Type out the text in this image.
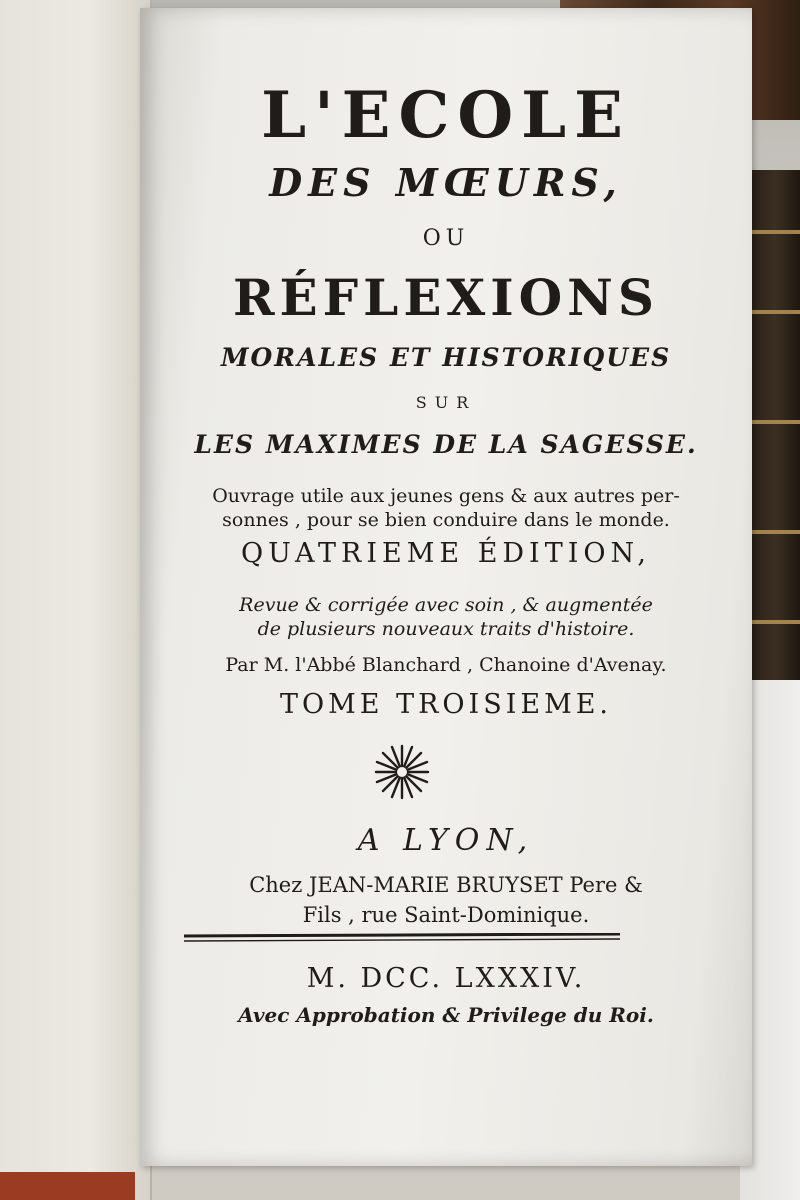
L'ECOLE
DES MŒURS,
OU
RÉFLEXIONS
MORALES ET HISTORIQUES
SUR
LES MAXIMES DE LA SAGESSE.
Ouvrage utile aux jeunes gens & aux autres per-
sonnes , pour se bien conduire dans le monde.
QUATRIEME ÉDITION,
Revue & corrigée avec soin , & augmentée
de plusieurs nouveaux traits d'histoire.
Par M. l'Abbé Blanchard , Chanoine d'Avenay.
TOME TROISIEME.
A LYON,
Chez JEAN-MARIE BRUYSET Pere &
Fils , rue Saint-Dominique.
M. DCC. LXXXIV.
Avec Approbation & Privilege du Roi.
